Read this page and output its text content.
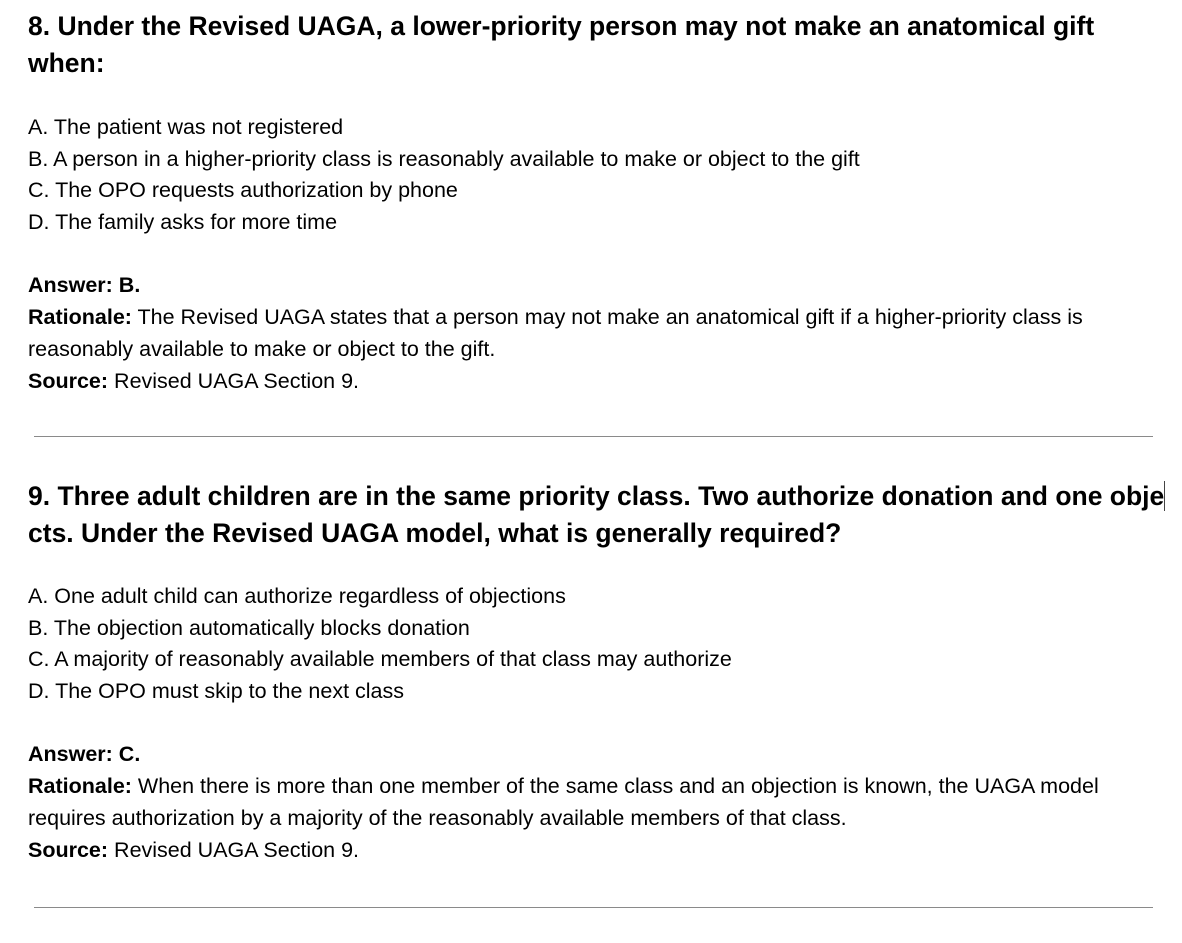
8. Under the Revised UAGA, a lower-priority person may not make an anatomical gift when:
A. The patient was not registered
B. A person in a higher-priority class is reasonably available to make or object to the gift
C. The OPO requests authorization by phone
D. The family asks for more time
Answer: B.
Rationale: The Revised UAGA states that a person may not make an anatomical gift if a higher-priority class is reasonably available to make or object to the gift.
Source: Revised UAGA Section 9.
9. Three adult children are in the same priority class. Two authorize donation and one objects. Under the Revised UAGA model, what is generally required?
A. One adult child can authorize regardless of objections
B. The objection automatically blocks donation
C. A majority of reasonably available members of that class may authorize
D. The OPO must skip to the next class
Answer: C.
Rationale: When there is more than one member of the same class and an objection is known, the UAGA model requires authorization by a majority of the reasonably available members of that class.
Source: Revised UAGA Section 9.
